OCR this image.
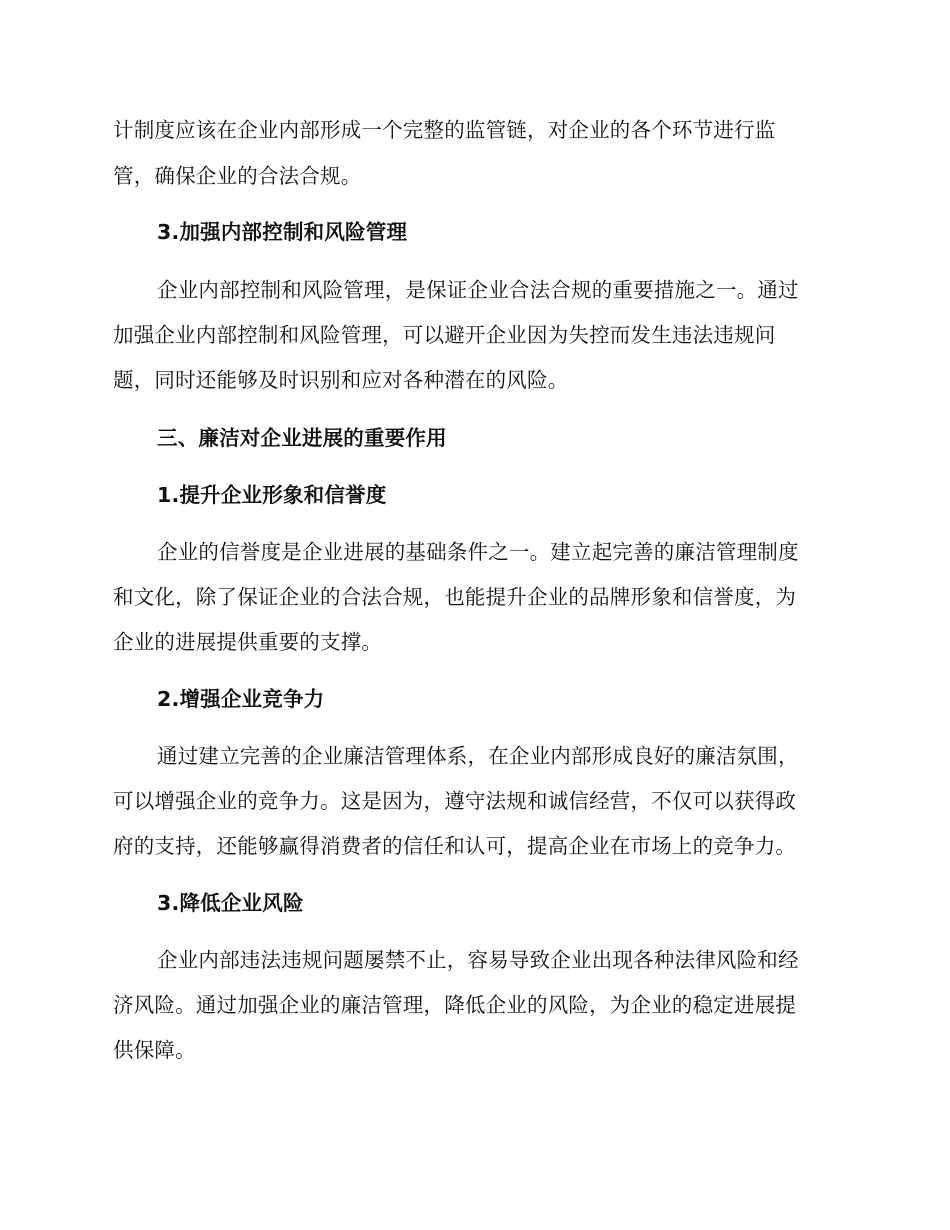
计制度应该在企业内部形成一个完整的监管链，对企业的各个环节进行监
管，确保企业的合法合规。
3.加强内部控制和风险管理
企业内部控制和风险管理，是保证企业合法合规的重要措施之一。通过
加强企业内部控制和风险管理，可以避开企业因为失控而发生违法违规问
题，同时还能够及时识别和应对各种潜在的风险。
三、廉洁对企业进展的重要作用
1.提升企业形象和信誉度
企业的信誉度是企业进展的基础条件之一。建立起完善的廉洁管理制度
和文化，除了保证企业的合法合规，也能提升企业的品牌形象和信誉度，为
企业的进展提供重要的支撑。
2.增强企业竞争力
通过建立完善的企业廉洁管理体系，在企业内部形成良好的廉洁氛围，
可以增强企业的竞争力。这是因为，遵守法规和诚信经营，不仅可以获得政
府的支持，还能够赢得消费者的信任和认可，提高企业在市场上的竞争力。
3.降低企业风险
企业内部违法违规问题屡禁不止，容易导致企业出现各种法律风险和经
济风险。通过加强企业的廉洁管理，降低企业的风险，为企业的稳定进展提
供保障。
